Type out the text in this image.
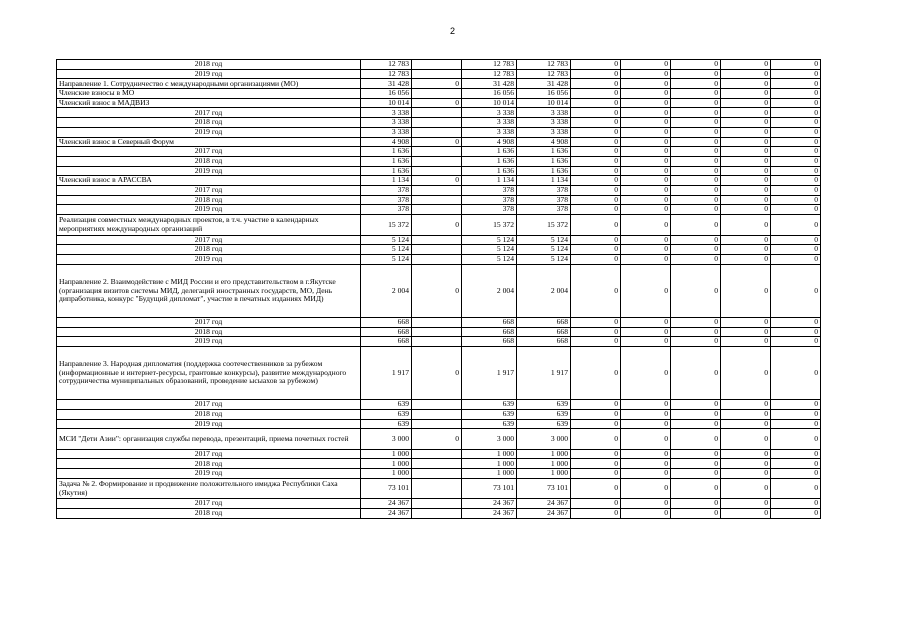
2
2018 год	12 783		12 783	12 783	0	0	0	0	0
2019 год	12 783		12 783	12 783	0	0	0	0	0
Направление 1. Сотрудничество с международными организациями (МО)	31 428	0	31 428	31 428	0	0	0	0	0
Членские взносы в МО	16 056		16 056	16 056	0	0	0	0	0
Членский взнос в МАДВИЗ	10 014	0	10 014	10 014	0	0	0	0	0
2017 год	3 338		3 338	3 338	0	0	0	0	0
2018 год	3 338		3 338	3 338	0	0	0	0	0
2019 год	3 338		3 338	3 338	0	0	0	0	0
Членский взнос в Северный Форум	4 908	0	4 908	4 908	0	0	0	0	0
2017 год	1 636		1 636	1 636	0	0	0	0	0
2018 год	1 636		1 636	1 636	0	0	0	0	0
2019 год	1 636		1 636	1 636	0	0	0	0	0
Членский взнос в АРАССВА	1 134	0	1 134	1 134	0	0	0	0	0
2017 год	378		378	378	0	0	0	0	0
2018 год	378		378	378	0	0	0	0	0
2019 год	378		378	378	0	0	0	0	0
Реализация совместных международных проектов, в т.ч. участие в календарных мероприятиях международных организаций	15 372	0	15 372	15 372	0	0	0	0	0
2017 год	5 124		5 124	5 124	0	0	0	0	0
2018 год	5 124		5 124	5 124	0	0	0	0	0
2019 год	5 124		5 124	5 124	0	0	0	0	0
Направление 2. Взаимодействие с МИД России и его представительством в г.Якутске (организация визитов системы МИД, делегаций иностранных государств, МО, День дипработника, конкурс "Будущий дипломат", участие в печатных изданиях МИД)	2 004	0	2 004	2 004	0	0	0	0	0
2017 год	668		668	668	0	0	0	0	0
2018 год	668		668	668	0	0	0	0	0
2019 год	668		668	668	0	0	0	0	0
Направление 3. Народная дипломатия (поддержка соотечественников за рубежом (информационные и интернет-ресурсы, грантовые конкурсы), развитие международного сотрудничества муниципальных образований, проведение ысыахов за рубежом)	1 917	0	1 917	1 917	0	0	0	0	0
2017 год	639		639	639	0	0	0	0	0
2018 год	639		639	639	0	0	0	0	0
2019 год	639		639	639	0	0	0	0	0
МСИ "Дети Азии": организация службы перевода, презентаций, приема почетных гостей	3 000	0	3 000	3 000	0	0	0	0	0
2017 год	1 000		1 000	1 000	0	0	0	0	0
2018 год	1 000		1 000	1 000	0	0	0	0	0
2019 год	1 000		1 000	1 000	0	0	0	0	0
Задача № 2. Формирование и продвижение положительного имиджа Республики Саха (Якутия)	73 101		73 101	73 101	0	0	0	0	0
2017 год	24 367		24 367	24 367	0	0	0	0	0
2018 год	24 367		24 367	24 367	0	0	0	0	0
